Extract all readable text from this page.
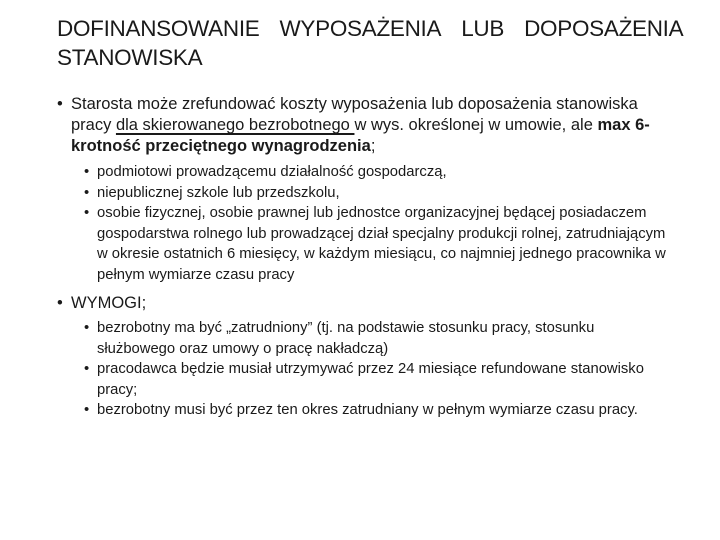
DOFINANSOWANIE WYPOSAŻENIA LUB DOPOSAŻENIA
STANOWISKA
• Starosta może zrefundować koszty wyposażenia lub doposażenia stanowiska pracy dla skierowanego bezrobotnego w wys. określonej w umowie, ale max 6-krotność przeciętnego wynagrodzenia;
• podmiotowi prowadzącemu działalność gospodarczą,
• niepublicznej szkole lub przedszkolu,
• osobie fizycznej, osobie prawnej lub jednostce organizacyjnej będącej posiadaczem gospodarstwa rolnego lub prowadzącej dział specjalny produkcji rolnej, zatrudniającym w okresie ostatnich 6 miesięcy, w każdym miesiącu, co najmniej jednego pracownika w pełnym wymiarze czasu pracy
• WYMOGI;
• bezrobotny ma być „zatrudniony” (tj. na podstawie stosunku pracy, stosunku służbowego oraz umowy o pracę nakładczą)
• pracodawca będzie musiał utrzymywać przez 24 miesiące refundowane stanowisko pracy;
• bezrobotny musi być przez ten okres zatrudniany w pełnym wymiarze czasu pracy.
